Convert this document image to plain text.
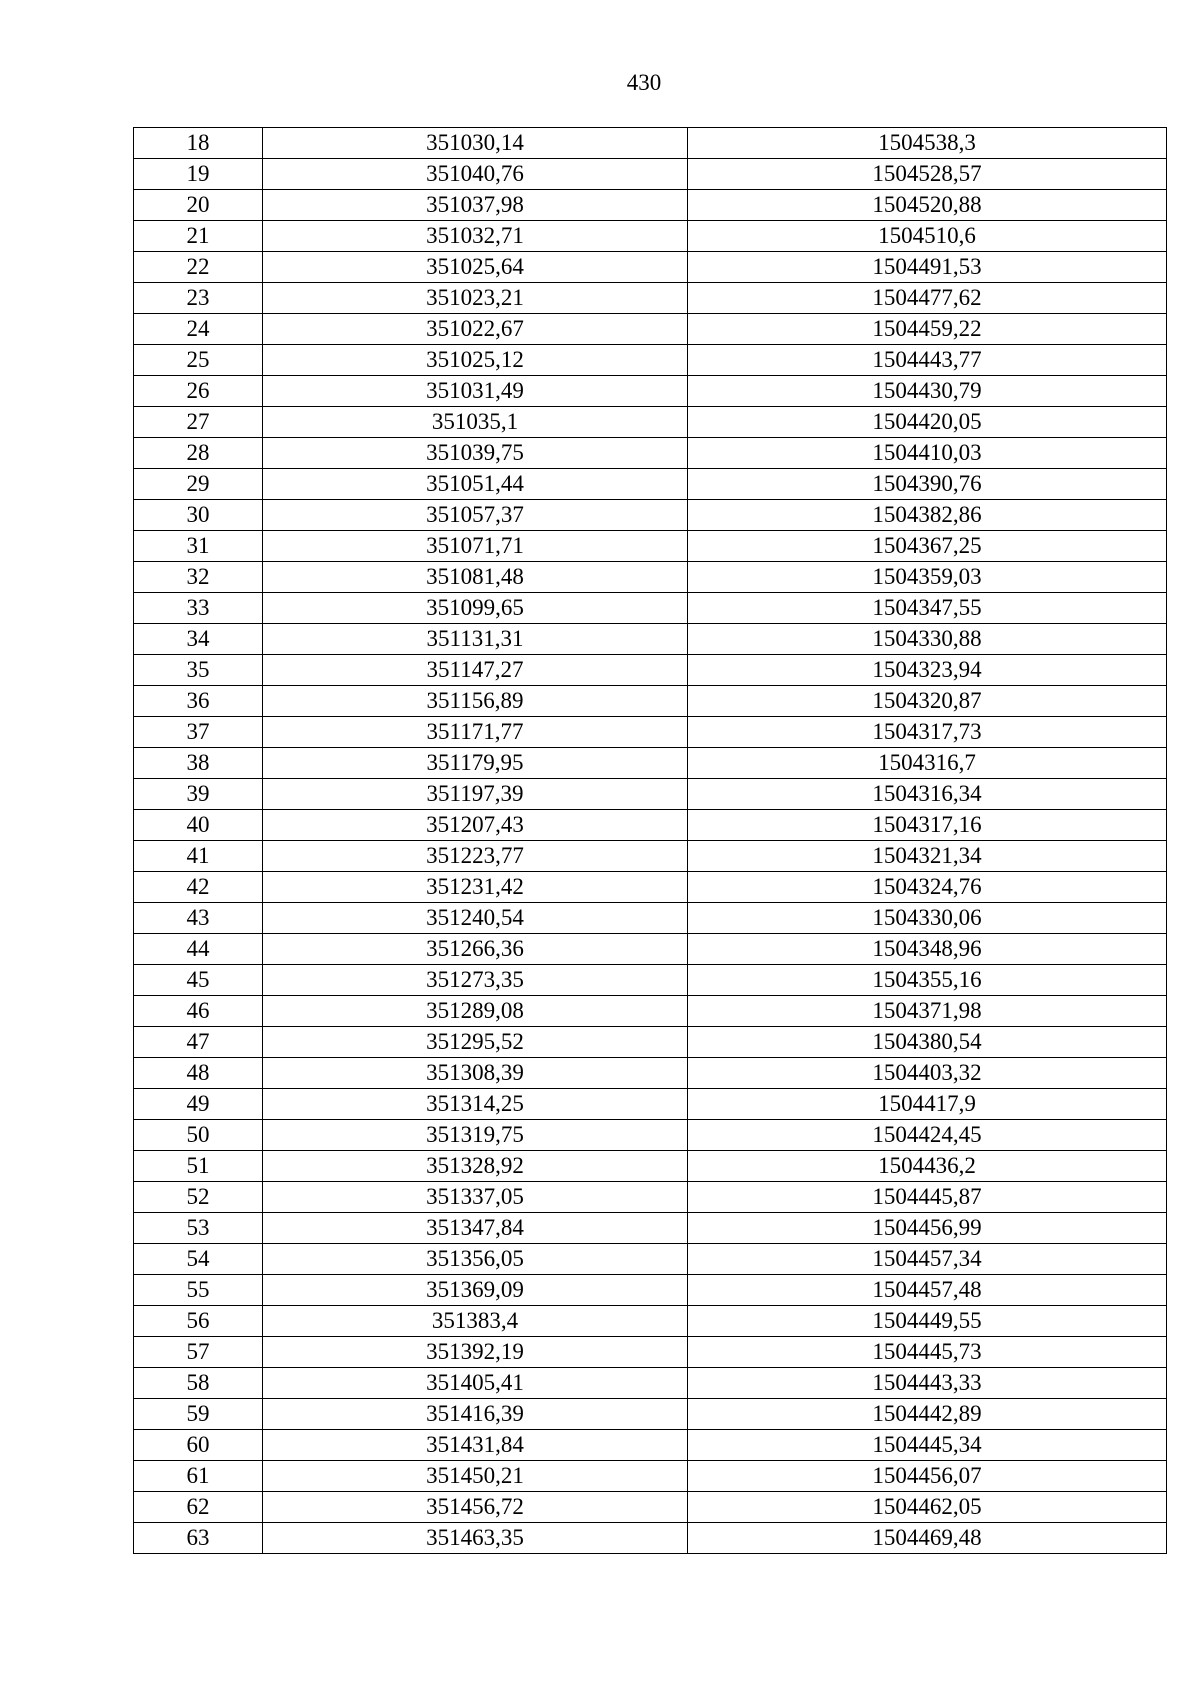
430
18	351030,14	1504538,3
19	351040,76	1504528,57
20	351037,98	1504520,88
21	351032,71	1504510,6
22	351025,64	1504491,53
23	351023,21	1504477,62
24	351022,67	1504459,22
25	351025,12	1504443,77
26	351031,49	1504430,79
27	351035,1	1504420,05
28	351039,75	1504410,03
29	351051,44	1504390,76
30	351057,37	1504382,86
31	351071,71	1504367,25
32	351081,48	1504359,03
33	351099,65	1504347,55
34	351131,31	1504330,88
35	351147,27	1504323,94
36	351156,89	1504320,87
37	351171,77	1504317,73
38	351179,95	1504316,7
39	351197,39	1504316,34
40	351207,43	1504317,16
41	351223,77	1504321,34
42	351231,42	1504324,76
43	351240,54	1504330,06
44	351266,36	1504348,96
45	351273,35	1504355,16
46	351289,08	1504371,98
47	351295,52	1504380,54
48	351308,39	1504403,32
49	351314,25	1504417,9
50	351319,75	1504424,45
51	351328,92	1504436,2
52	351337,05	1504445,87
53	351347,84	1504456,99
54	351356,05	1504457,34
55	351369,09	1504457,48
56	351383,4	1504449,55
57	351392,19	1504445,73
58	351405,41	1504443,33
59	351416,39	1504442,89
60	351431,84	1504445,34
61	351450,21	1504456,07
62	351456,72	1504462,05
63	351463,35	1504469,48
